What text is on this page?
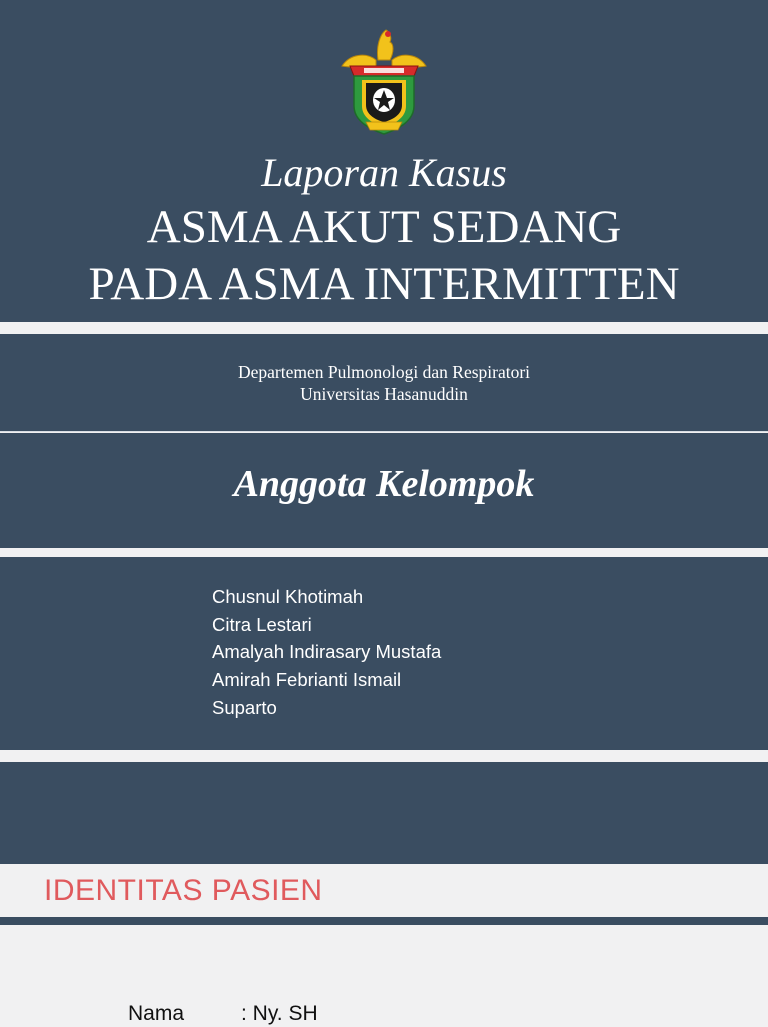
Laporan Kasus
ASMA AKUT SEDANG
PADA ASMA INTERMITTEN
Departemen Pulmonologi dan Respiratori
Universitas Hasanuddin
Anggota Kelompok
Chusnul Khotimah
Citra Lestari
Amalyah Indirasary Mustafa
Amirah Febrianti Ismail
Suparto
IDENTITAS PASIEN
Nama	: Ny. SH
